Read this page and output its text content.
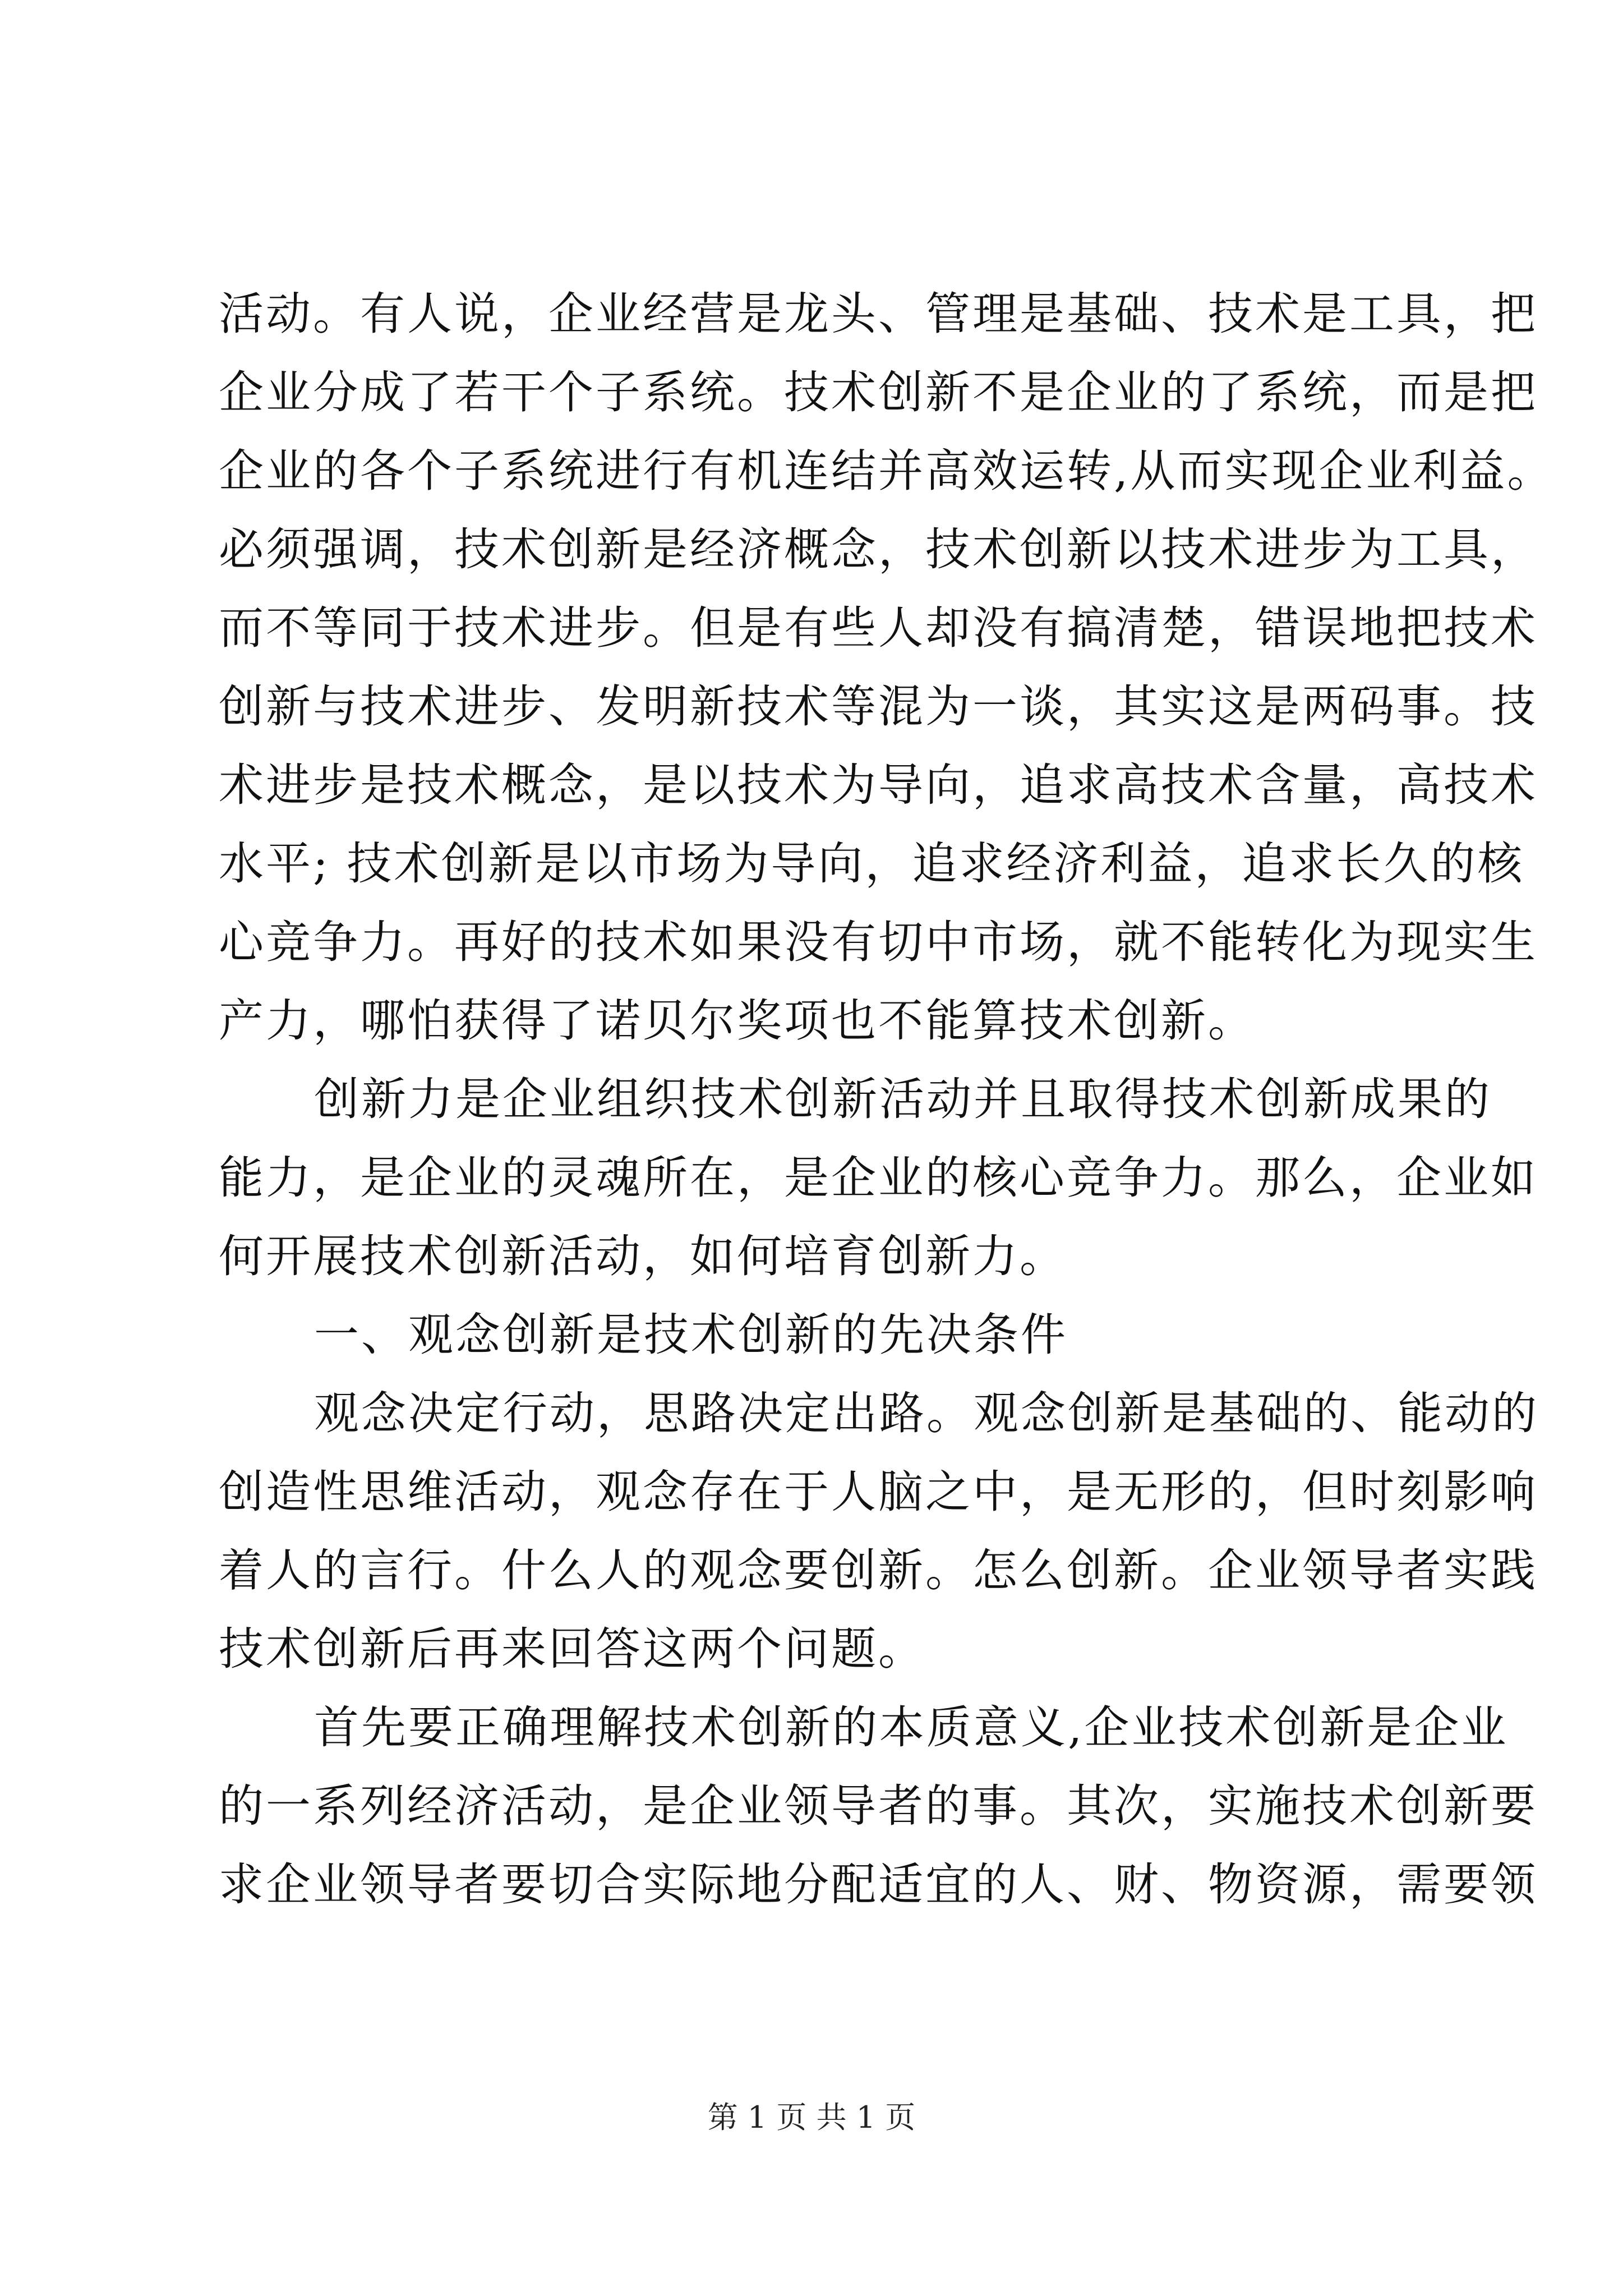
活动。有人说，企业经营是龙头、管理是基础、技术是工具，把
企业分成了若干个子系统。技术创新不是企业的了系统，而是把
企业的各个子系统进行有机连结并高效运转,从而实现企业利益。
必须强调，技术创新是经济概念，技术创新以技术进步为工具，
而不等同于技术进步。但是有些人却没有搞清楚，错误地把技术
创新与技术进步、发明新技术等混为一谈，其实这是两码事。技
术进步是技术概念，是以技术为导向，追求高技术含量，高技术
水平; 技术创新是以市场为导向，追求经济利益，追求长久的核
心竞争力。再好的技术如果没有切中市场，就不能转化为现实生
产力，哪怕获得了诺贝尔奖项也不能算技术创新。
创新力是企业组织技术创新活动并且取得技术创新成果的
能力，是企业的灵魂所在，是企业的核心竞争力。那么，企业如
何开展技术创新活动，如何培育创新力。
一、观念创新是技术创新的先决条件
观念决定行动，思路决定出路。观念创新是基础的、能动的
创造性思维活动，观念存在于人脑之中，是无形的，但时刻影响
着人的言行。什么人的观念要创新。怎么创新。企业领导者实践
技术创新后再来回答这两个问题。
首先要正确理解技术创新的本质意义,企业技术创新是企业
的一系列经济活动，是企业领导者的事。其次，实施技术创新要
求企业领导者要切合实际地分配适宜的人、财、物资源，需要领
第 1 页 共 1 页
